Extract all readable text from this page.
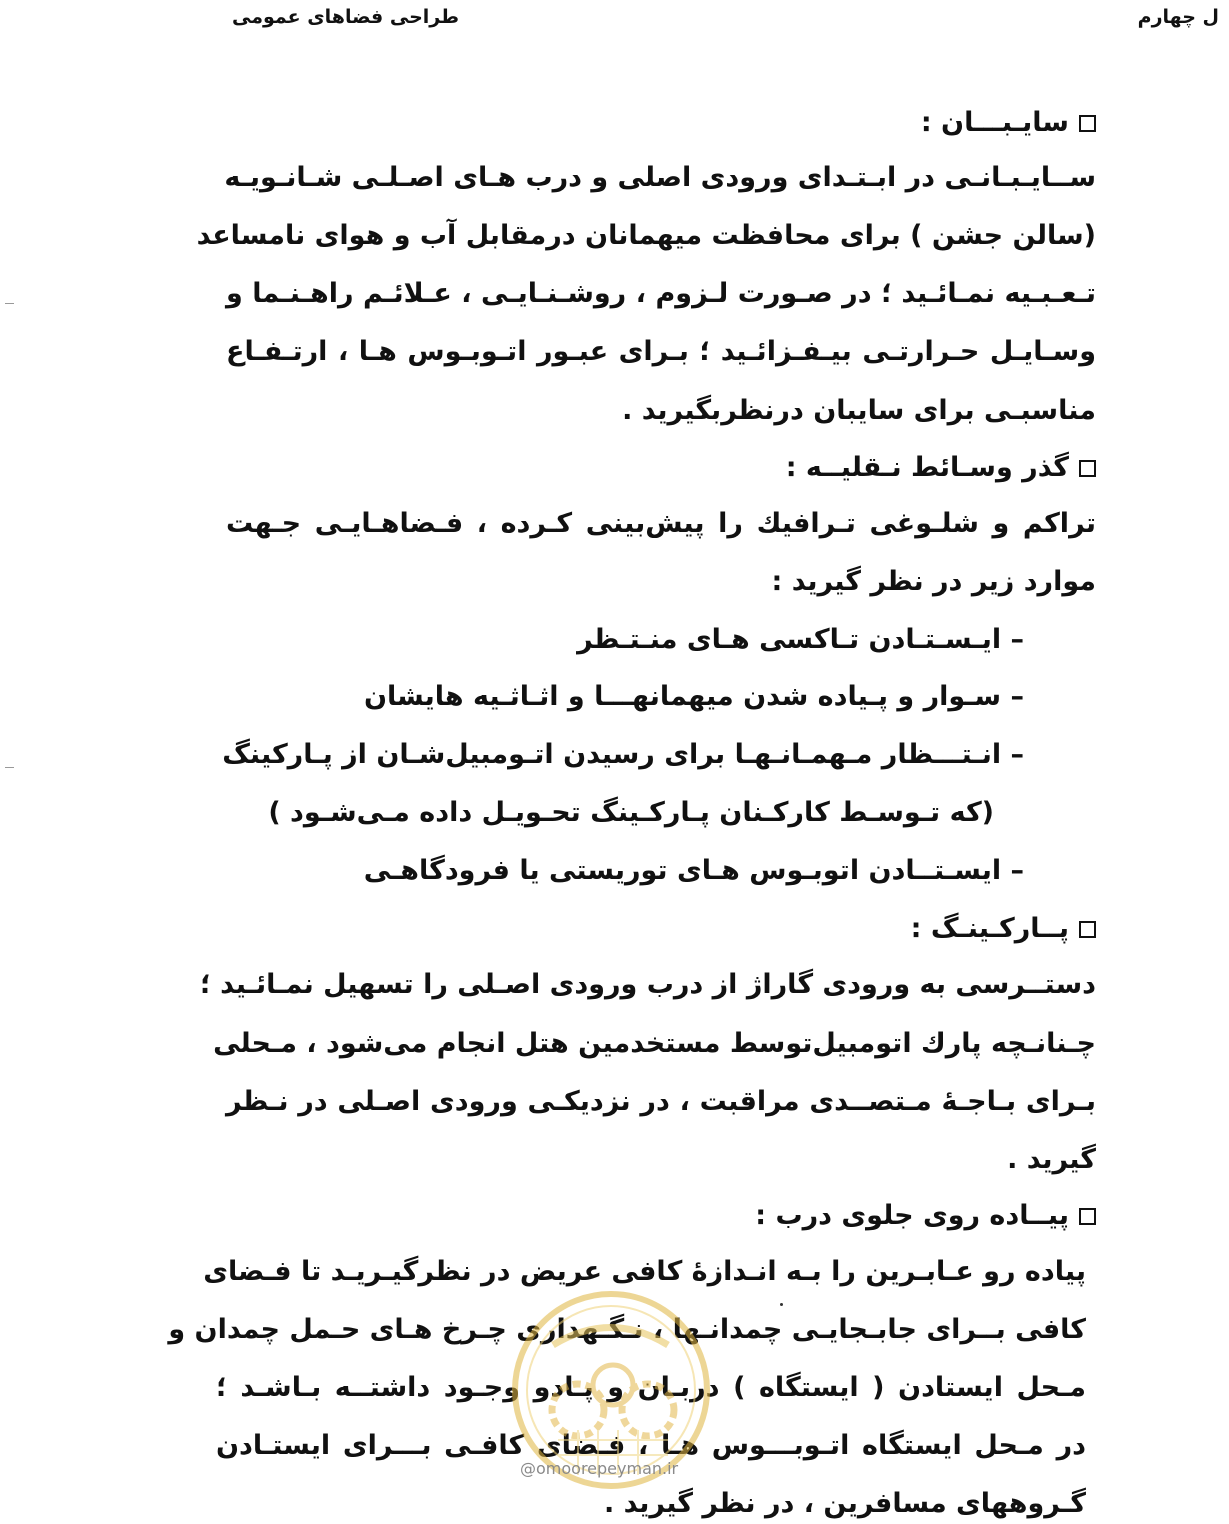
ل چهارم
طراحی فضاهای عمومی
سایـبـــان :
ســایـبـانـی در ابـتـدای ورودی اصلی و درب هـای اصـلـی شـانـویـه
(سالن جشن ) برای محافظت میهمانان درمقابل آب و هوای نامساعد
تـعـبـیه نمـائـید ؛ در صـورت لـزوم ، روشـنـایـی ، عـلائـم راهـنـما و
وسـایـل حـرارتـی بیـفـزائـید ؛ بـرای عبـور اتـوبـوس هـا ، ارتـفـاع
مناسبـی برای سایبان درنظربگیرید .
گذر وسـائط نـقلیــه :
تراکم و شلـوغی تـرافیك را پیش‌بینی کـرده ، فـضاهـایـی جـهت
موارد زیر در نظر گیرید :
– ایـسـتـادن تـاکسی هـای منـتـظر
– سـوار و پـیاده شدن میهمانهـــا و اثـاثـیه هایشان
– انـتـــظار مـهمـانـهـا برای رسیدن اتـومبیل‌شـان از پـارکینگ
(که تـوسـط کارکـنان پـارکـینگ تحـویـل داده مـی‌شـود )
– ایسـتــادن اتوبـوس هـای توریستی یا فرودگاهـی
پــارکـینـگ :
دستــرسی به ورودی گاراژ از درب ورودی اصـلی را تسهیل نمـائـید ؛
چـنانـچه پارك اتومبیل‌توسط مستخدمین هتل انجام می‌شود ، مـحلی
بـرای بـاجـهٔ مـتصــدی مراقبت ، در نزدیکـی ورودی اصـلی در نـظر
گیرید .
پیــاده روی جلوی درب :
پیاده رو عـابـرین را بـه انـدازهٔ کافی عریض در نظرگیـریـد تا فـضای
کافی بــرای جابـجایـی چمدانـها ، نـگـهداری چـرخ هـای حـمل چمدان و
مـحل ایستادن ( ایستگاه ) دربـان و پـادو وجـود داشتــه بـاشـد ؛
در مـحل ایستگاه اتـوبـــوس هـا ، فـضای کافـی بـــرای ایستـادن
گـروههای مسافرین ، در نظر گیرید .
@omoorepeyman.ir
